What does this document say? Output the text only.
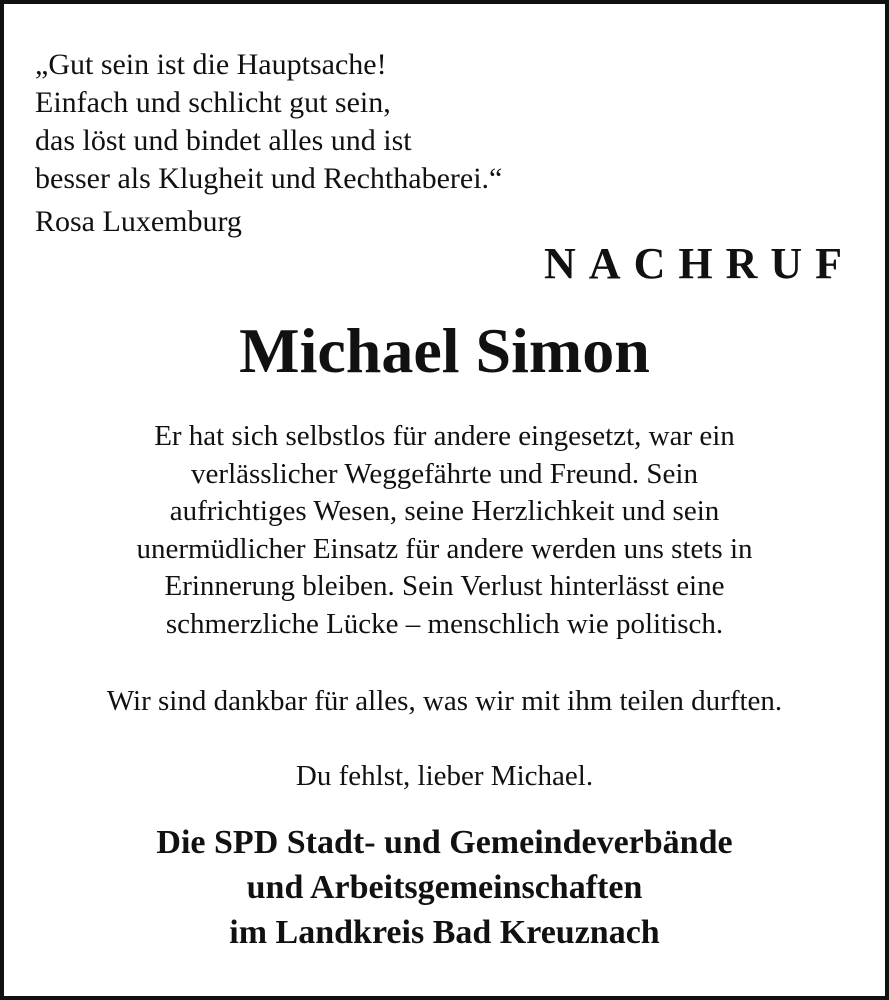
„Gut sein ist die Hauptsache!
Einfach und schlicht gut sein,
das löst und bindet alles und ist
besser als Klugheit und Rechthaberei.“
Rosa Luxemburg
NACHRUF
Michael Simon
Er hat sich selbstlos für andere eingesetzt, war ein
verlässlicher Weggefährte und Freund. Sein
aufrichtiges Wesen, seine Herzlichkeit und sein
unermüdlicher Einsatz für andere werden uns stets in
Erinnerung bleiben. Sein Verlust hinterlässt eine
schmerzliche Lücke – menschlich wie politisch.
Wir sind dankbar für alles, was wir mit ihm teilen durften.
Du fehlst, lieber Michael.
Die SPD Stadt- und Gemeindeverbände
und Arbeitsgemeinschaften
im Landkreis Bad Kreuznach
